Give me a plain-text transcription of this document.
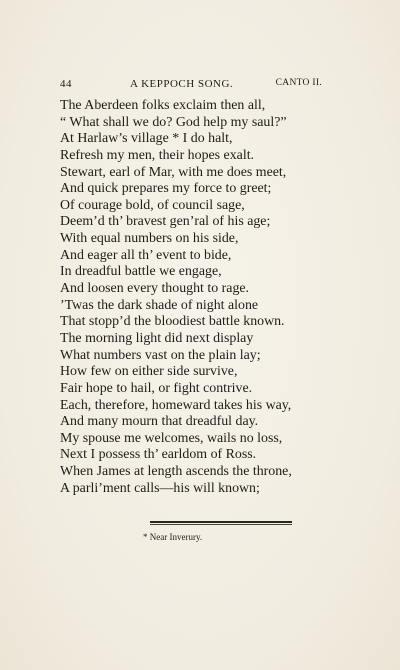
44	A KEPPOCH SONG.	CANTO II.
The Aberdeen folks exclaim then all,
“ What shall we do? God help my saul?”
At Harlaw’s village * I do halt,
Refresh my men, their hopes exalt.
Stewart, earl of Mar, with me does meet,
And quick prepares my force to greet;
Of courage bold, of council sage,
Deem’d th’ bravest gen’ral of his age;
With equal numbers on his side,
And eager all th’ event to bide,
In dreadful battle we engage,
And loosen every thought to rage.
’Twas the dark shade of night alone
That stopp’d the bloodiest battle known.
The morning light did next display
What numbers vast on the plain lay;
How few on either side survive,
Fair hope to hail, or fight contrive.
Each, therefore, homeward takes his way,
And many mourn that dreadful day.
My spouse me welcomes, wails no loss,
Next I possess th’ earldom of Ross.
When James at length ascends the throne,
A parli’ment calls—his will known;
* Near Inverury.
